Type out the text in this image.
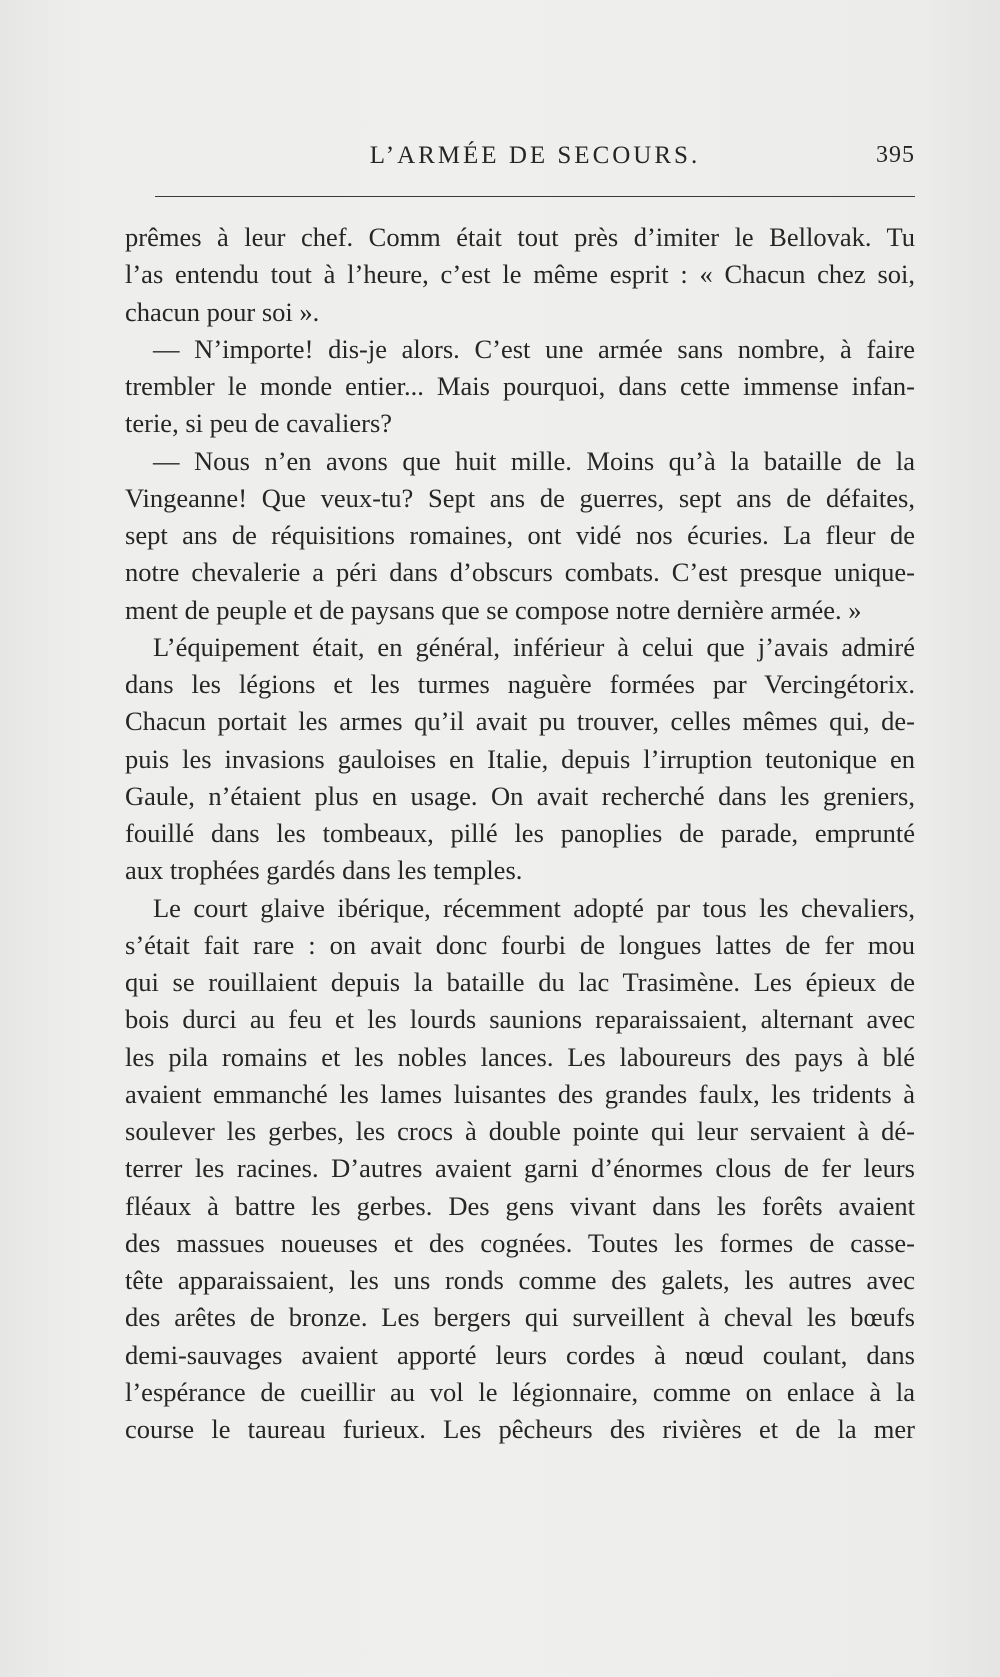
L’ARMÉE DE SECOURS.	395
prêmes à leur chef. Comm était tout près d’imiter le Bellovak. Tu
l’as entendu tout à l’heure, c’est le même esprit : « Chacun chez soi,
chacun pour soi ».
— N’importe! dis-je alors. C’est une armée sans nombre, à faire
trembler le monde entier... Mais pourquoi, dans cette immense infan-
terie, si peu de cavaliers?
— Nous n’en avons que huit mille. Moins qu’à la bataille de la
Vingeanne! Que veux-tu? Sept ans de guerres, sept ans de défaites,
sept ans de réquisitions romaines, ont vidé nos écuries. La fleur de
notre chevalerie a péri dans d’obscurs combats. C’est presque unique-
ment de peuple et de paysans que se compose notre dernière armée. »
L’équipement était, en général, inférieur à celui que j’avais admiré
dans les légions et les turmes naguère formées par Vercingétorix.
Chacun portait les armes qu’il avait pu trouver, celles mêmes qui, de-
puis les invasions gauloises en Italie, depuis l’irruption teutonique en
Gaule, n’étaient plus en usage. On avait recherché dans les greniers,
fouillé dans les tombeaux, pillé les panoplies de parade, emprunté
aux trophées gardés dans les temples.
Le court glaive ibérique, récemment adopté par tous les chevaliers,
s’était fait rare : on avait donc fourbi de longues lattes de fer mou
qui se rouillaient depuis la bataille du lac Trasimène. Les épieux de
bois durci au feu et les lourds saunions reparaissaient, alternant avec
les pila romains et les nobles lances. Les laboureurs des pays à blé
avaient emmanché les lames luisantes des grandes faulx, les tridents à
soulever les gerbes, les crocs à double pointe qui leur servaient à dé-
terrer les racines. D’autres avaient garni d’énormes clous de fer leurs
fléaux à battre les gerbes. Des gens vivant dans les forêts avaient
des massues noueuses et des cognées. Toutes les formes de casse-
tête apparaissaient, les uns ronds comme des galets, les autres avec
des arêtes de bronze. Les bergers qui surveillent à cheval les bœufs
demi-sauvages avaient apporté leurs cordes à nœud coulant, dans
l’espérance de cueillir au vol le légionnaire, comme on enlace à la
course le taureau furieux. Les pêcheurs des rivières et de la mer
